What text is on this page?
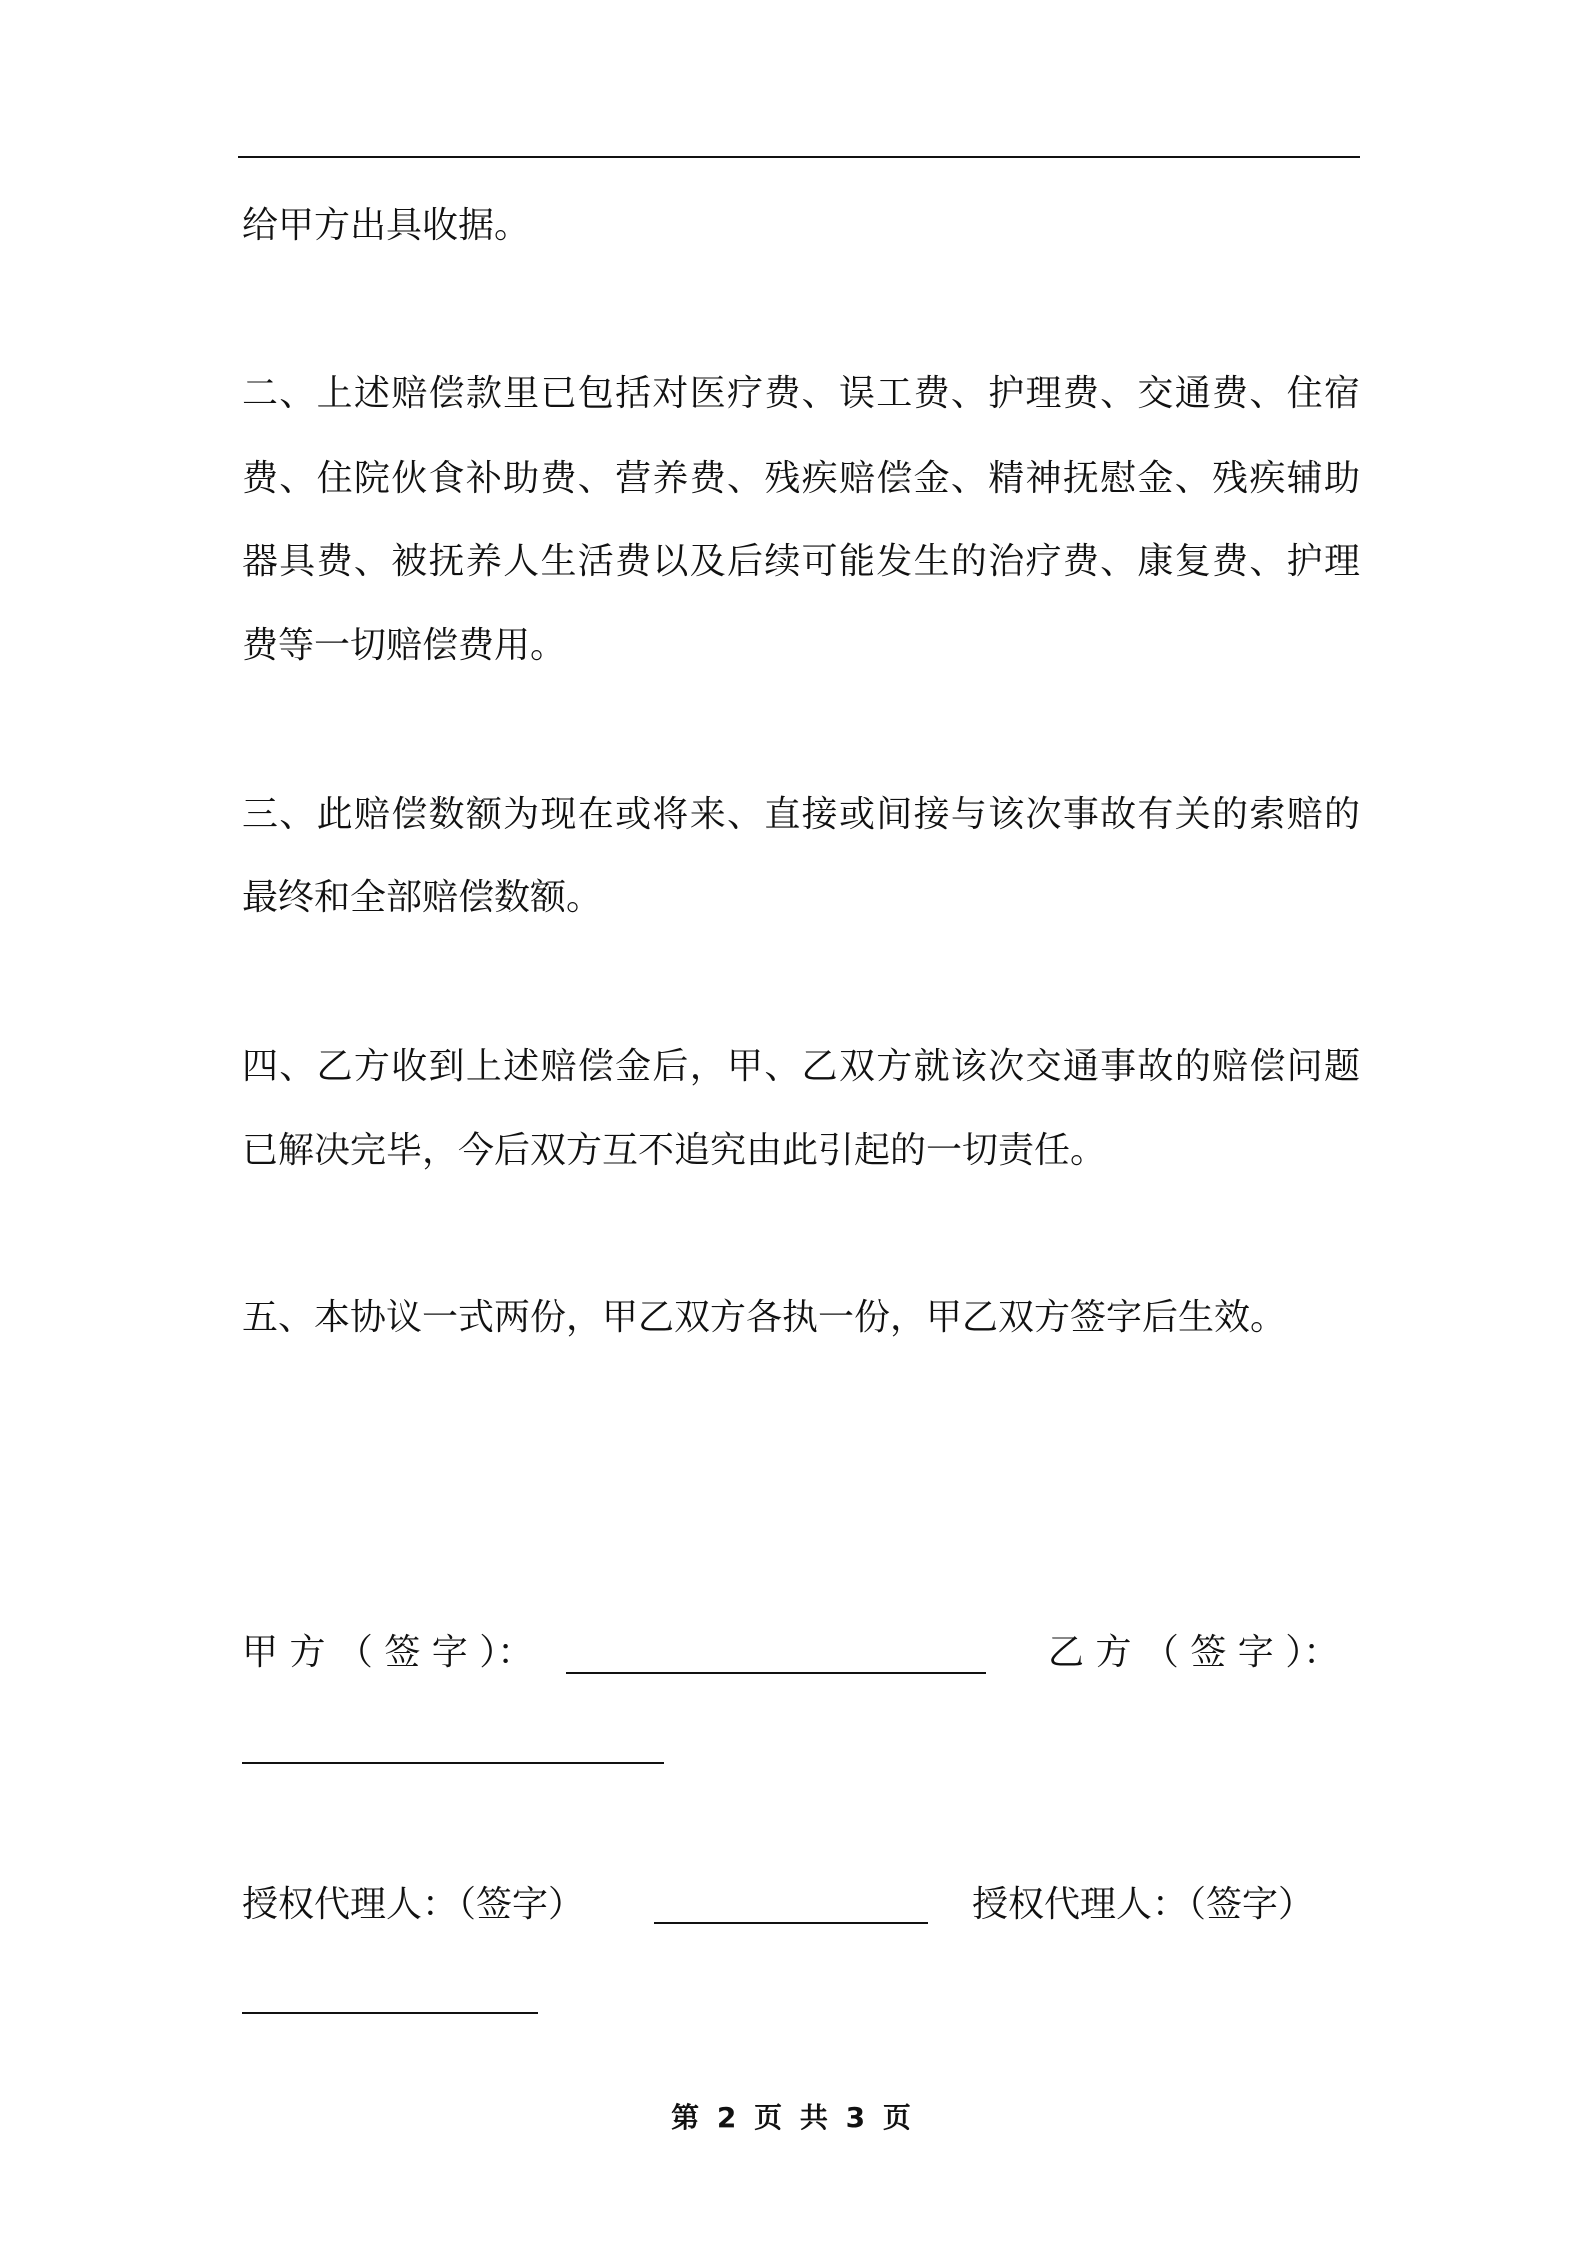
给甲方出具收据。
二、上述赔偿款里已包括对医疗费、误工费、护理费、交通费、住宿
费、住院伙食补助费、营养费、残疾赔偿金、精神抚慰金、残疾辅助
器具费、被抚养人生活费以及后续可能发生的治疗费、康复费、护理
费等一切赔偿费用。
三、此赔偿数额为现在或将来、直接或间接与该次事故有关的索赔的
最终和全部赔偿数额。
四、乙方收到上述赔偿金后，甲、乙双方就该次交通事故的赔偿问题
已解决完毕，今后双方互不追究由此引起的一切责任。
五、本协议一式两份，甲乙双方各执一份，甲乙双方签字后生效。
甲 方 （ 签 字 ）：	乙 方 （ 签 字 ）：
授权代理人：（签字）	授权代理人：（签字）
第 2 页 共 3 页
